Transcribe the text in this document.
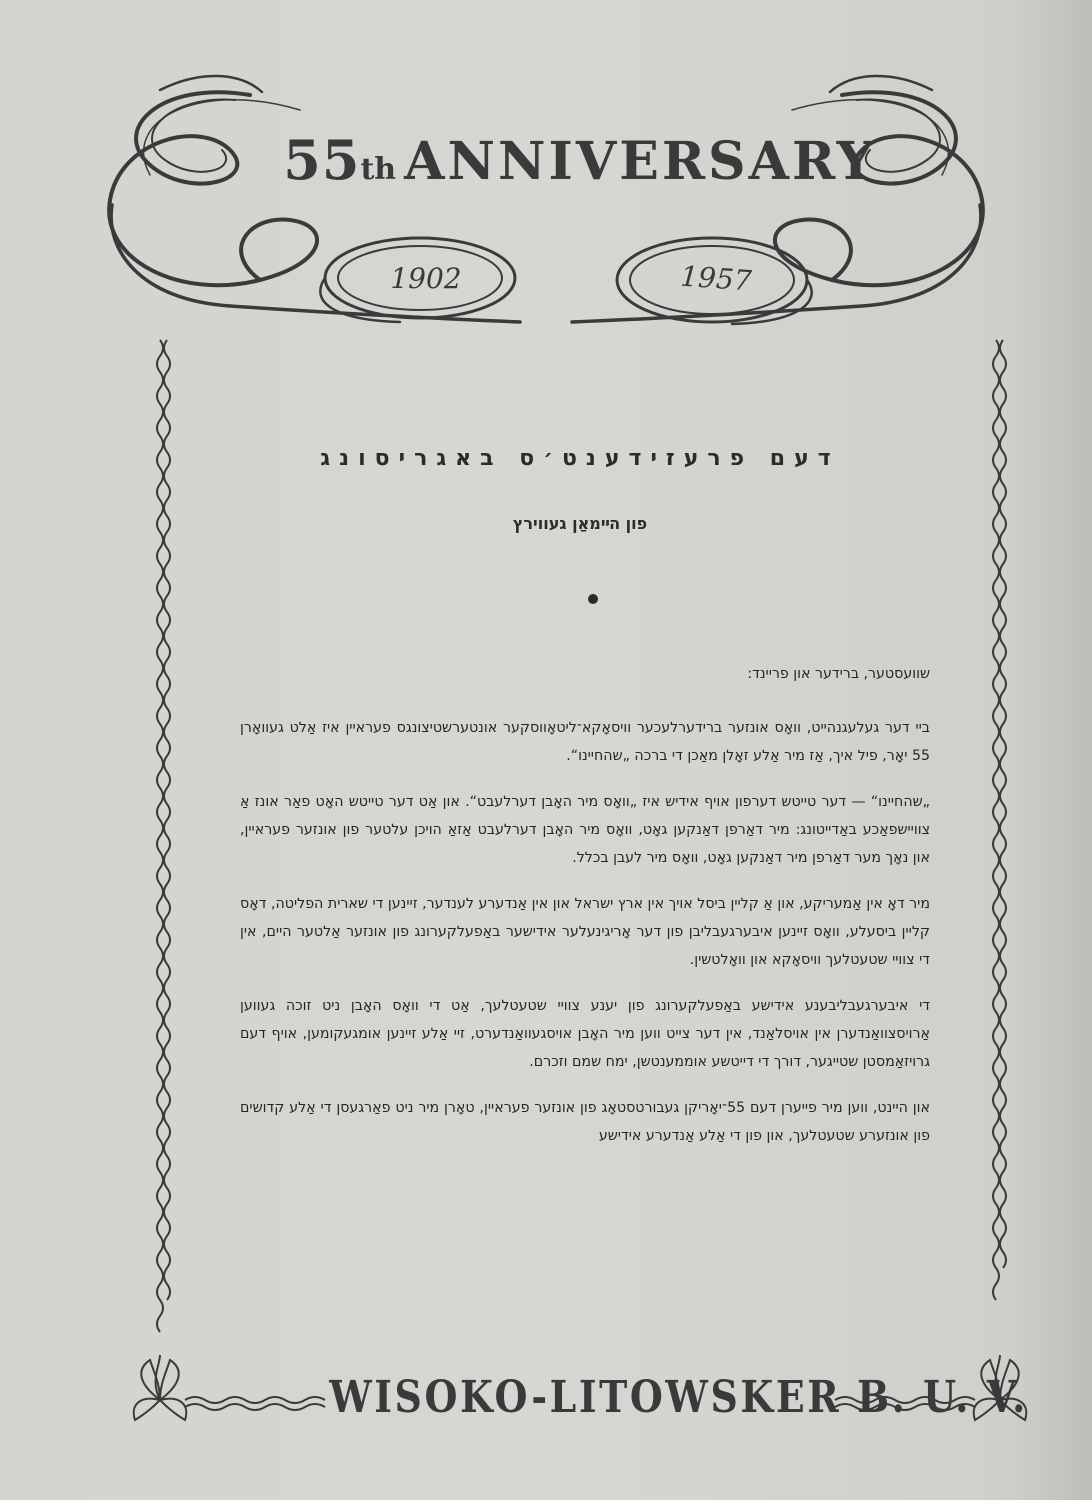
55th ANNIVERSARY
1902	1957
דעם פרעזידענט׳ס באגריסונג
פון הײמאַן געווירץ

שוועסטער, ברידער און פריינד:

ביי דער געלעגנהייט, וואָס אונזער ברידערלעכער וויסאָקא־ליטאָווסקער אונטערשטיצונגס פעראיין איז אַלט געוואָרן 55 יאָר, פיל איך, אַז מיר אַלע זאָלן מאַכן די ברכה „שהחיינו“.

„שהחיינו“ — דער טייטש דערפון אויף אידיש איז „וואָס מיר האָבן דערלעבט“. און אַט דער טייטש האָט פאַר אונז אַ צוויישפאַכע באַדייטונג: מיר דאַרפן דאַנקען גאָט, וואָס מיר האָבן דערלעבט אַזאַ הויכן עלטער פון אונזער פעראיין, און נאָך מער דאַרפן מיר דאַנקען גאָט, וואָס מיר לעבן בכלל.

מיר דאָ אין אַמעריקע, און אַ קליין ביסל אויך אין ארץ ישראל און אין אַנדערע לענדער, זיינען די שארית הפליטה, דאָס קליין ביסעלע, וואָס זיינען איבערגעבליבן פון דער אָריגינעלער אידישער באַפעלקערונג פון אונזער אַלטער היים, אין די צוויי שטעטלעך וויסאָקא און וואָלטשין.

די איבערגעבליבענע אידישע באַפעלקערונג פון יענע צוויי שטעטלעך, אַט די וואָס האָבן ניט זוכה געווען אַרויסצוואַנדערן אין אויסלאַנד, אין דער צייט ווען מיר האָבן אויסגעוואַנדערט, זיי אַלע זיינען אומגעקומען, אויף דעם גרויזאַמסטן שטייגער, דורך די דייטשע אוממענטשן, ימח שמם וזכרם.

און היינט, ווען מיר פייערן דעם 55־יאָריקן געבורטסטאָג פון אונזער פעראיין, טאָרן מיר ניט פאַרגעסן די אַלע קדושים פון אונזערע שטעטלעך, און פון די אַלע אַנדערע אידישע

WISOKO-LITOWSKER B. U. V.
